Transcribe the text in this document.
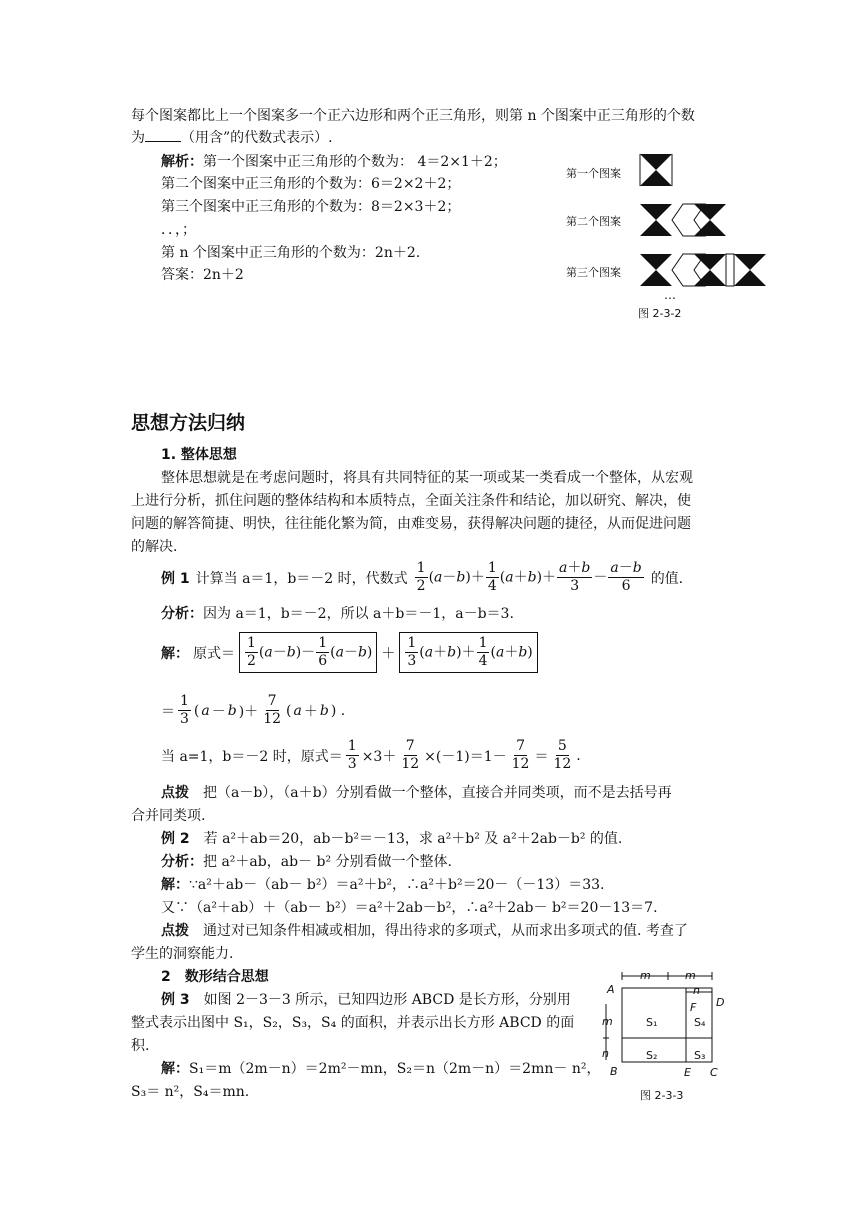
每个图案都比上一个图案多一个正六边形和两个正三角形，则第 n 个图案中正三角形的个数
为	（用含”的代数式表示）.
解析：第一个图案中正三角形的个数为： 4＝2×1＋2；
第二个图案中正三角形的个数为：6＝2×2＋2；
第三个图案中正三角形的个数为：8＝2×3＋2；
．．，；
第 n 个图案中正三角形的个数为：2n＋2.
答案：2n＋2
第一个图案
第二个图案
第三个图案
…
图 2-3-2
思想方法归纳
1. 整体思想
整体思想就是在考虑问题时，将具有共同特征的某一项或某一类看成一个整体，从宏观
上进行分析，抓住问题的整体结构和本质特点，全面关注条件和结论，加以研究、解决，使
问题的解答简捷、明快，往往能化繁为简，由难变易，获得解决问题的捷径，从而促进问题
的解决.
例 1 计算当 a＝1，b＝－2 时，代数式 $\frac{1}{2} (a-b)+ \frac{1}{4} (a+b)+ \frac{a+b}{3} - \frac{a-b}{6}$ 的值.
分析：因为 a＝1，b＝－2，所以 a＋b＝－1，a－b＝3.
解： 原式＝ $\frac{1}{2} (a-b)- \frac{1}{6} (a-b) + \frac{1}{3} (a+b)+ \frac{1}{4} (a+b)$
＝ $\frac{1}{3}$ ( a － b )＋ $\frac{7}{12}$ ( a ＋ b ) .
当 a=1，b＝－2 时，原式＝ $\frac{1}{3} \times 3+ \frac{7}{12} \times(-1)=1- \frac{7}{12} = \frac{5}{12}$ .
点拨　 把（a－b），（a＋b）分别看做一个整体，直接合并同类项，而不是去括号再
合并同类项.
例 2　 若 a²＋ab＝20，ab－b²＝－13，求 a²＋b² 及 a²＋2ab－b² 的值.
分析：把 a²＋ab，ab－ b² 分别看做一个整体.
解：∵a²＋ab－（ab－ b²）＝a²＋b²，∴a²＋b²＝20－（－13）＝33.
又∵（a²＋ab）＋（ab－ b²）＝a²＋2ab－b²，∴a²＋2ab－ b²＝20－13＝7.
点拨　 通过对已知条件相减或相加，得出待求的多项式，从而求出多项式的值. 考查了
学生的洞察能力.
2　数形结合思想
例 3　 如图 2－3－3 所示，已知四边形 ABCD 是长方形，分别用
整式表示出图中 S₁，S₂，S₃，S₄ 的面积，并表示出长方形 ABCD 的面
积.
解：S₁＝m（2m－n）＝2m²－mn，S₂＝n（2m－n）＝2mn－ n²，
S₃＝ n²，S₄＝mn.
m	m
n
A
D
F
m
n
S₁	S₄
S₂	S₃
B	E C
图 2-3-3
